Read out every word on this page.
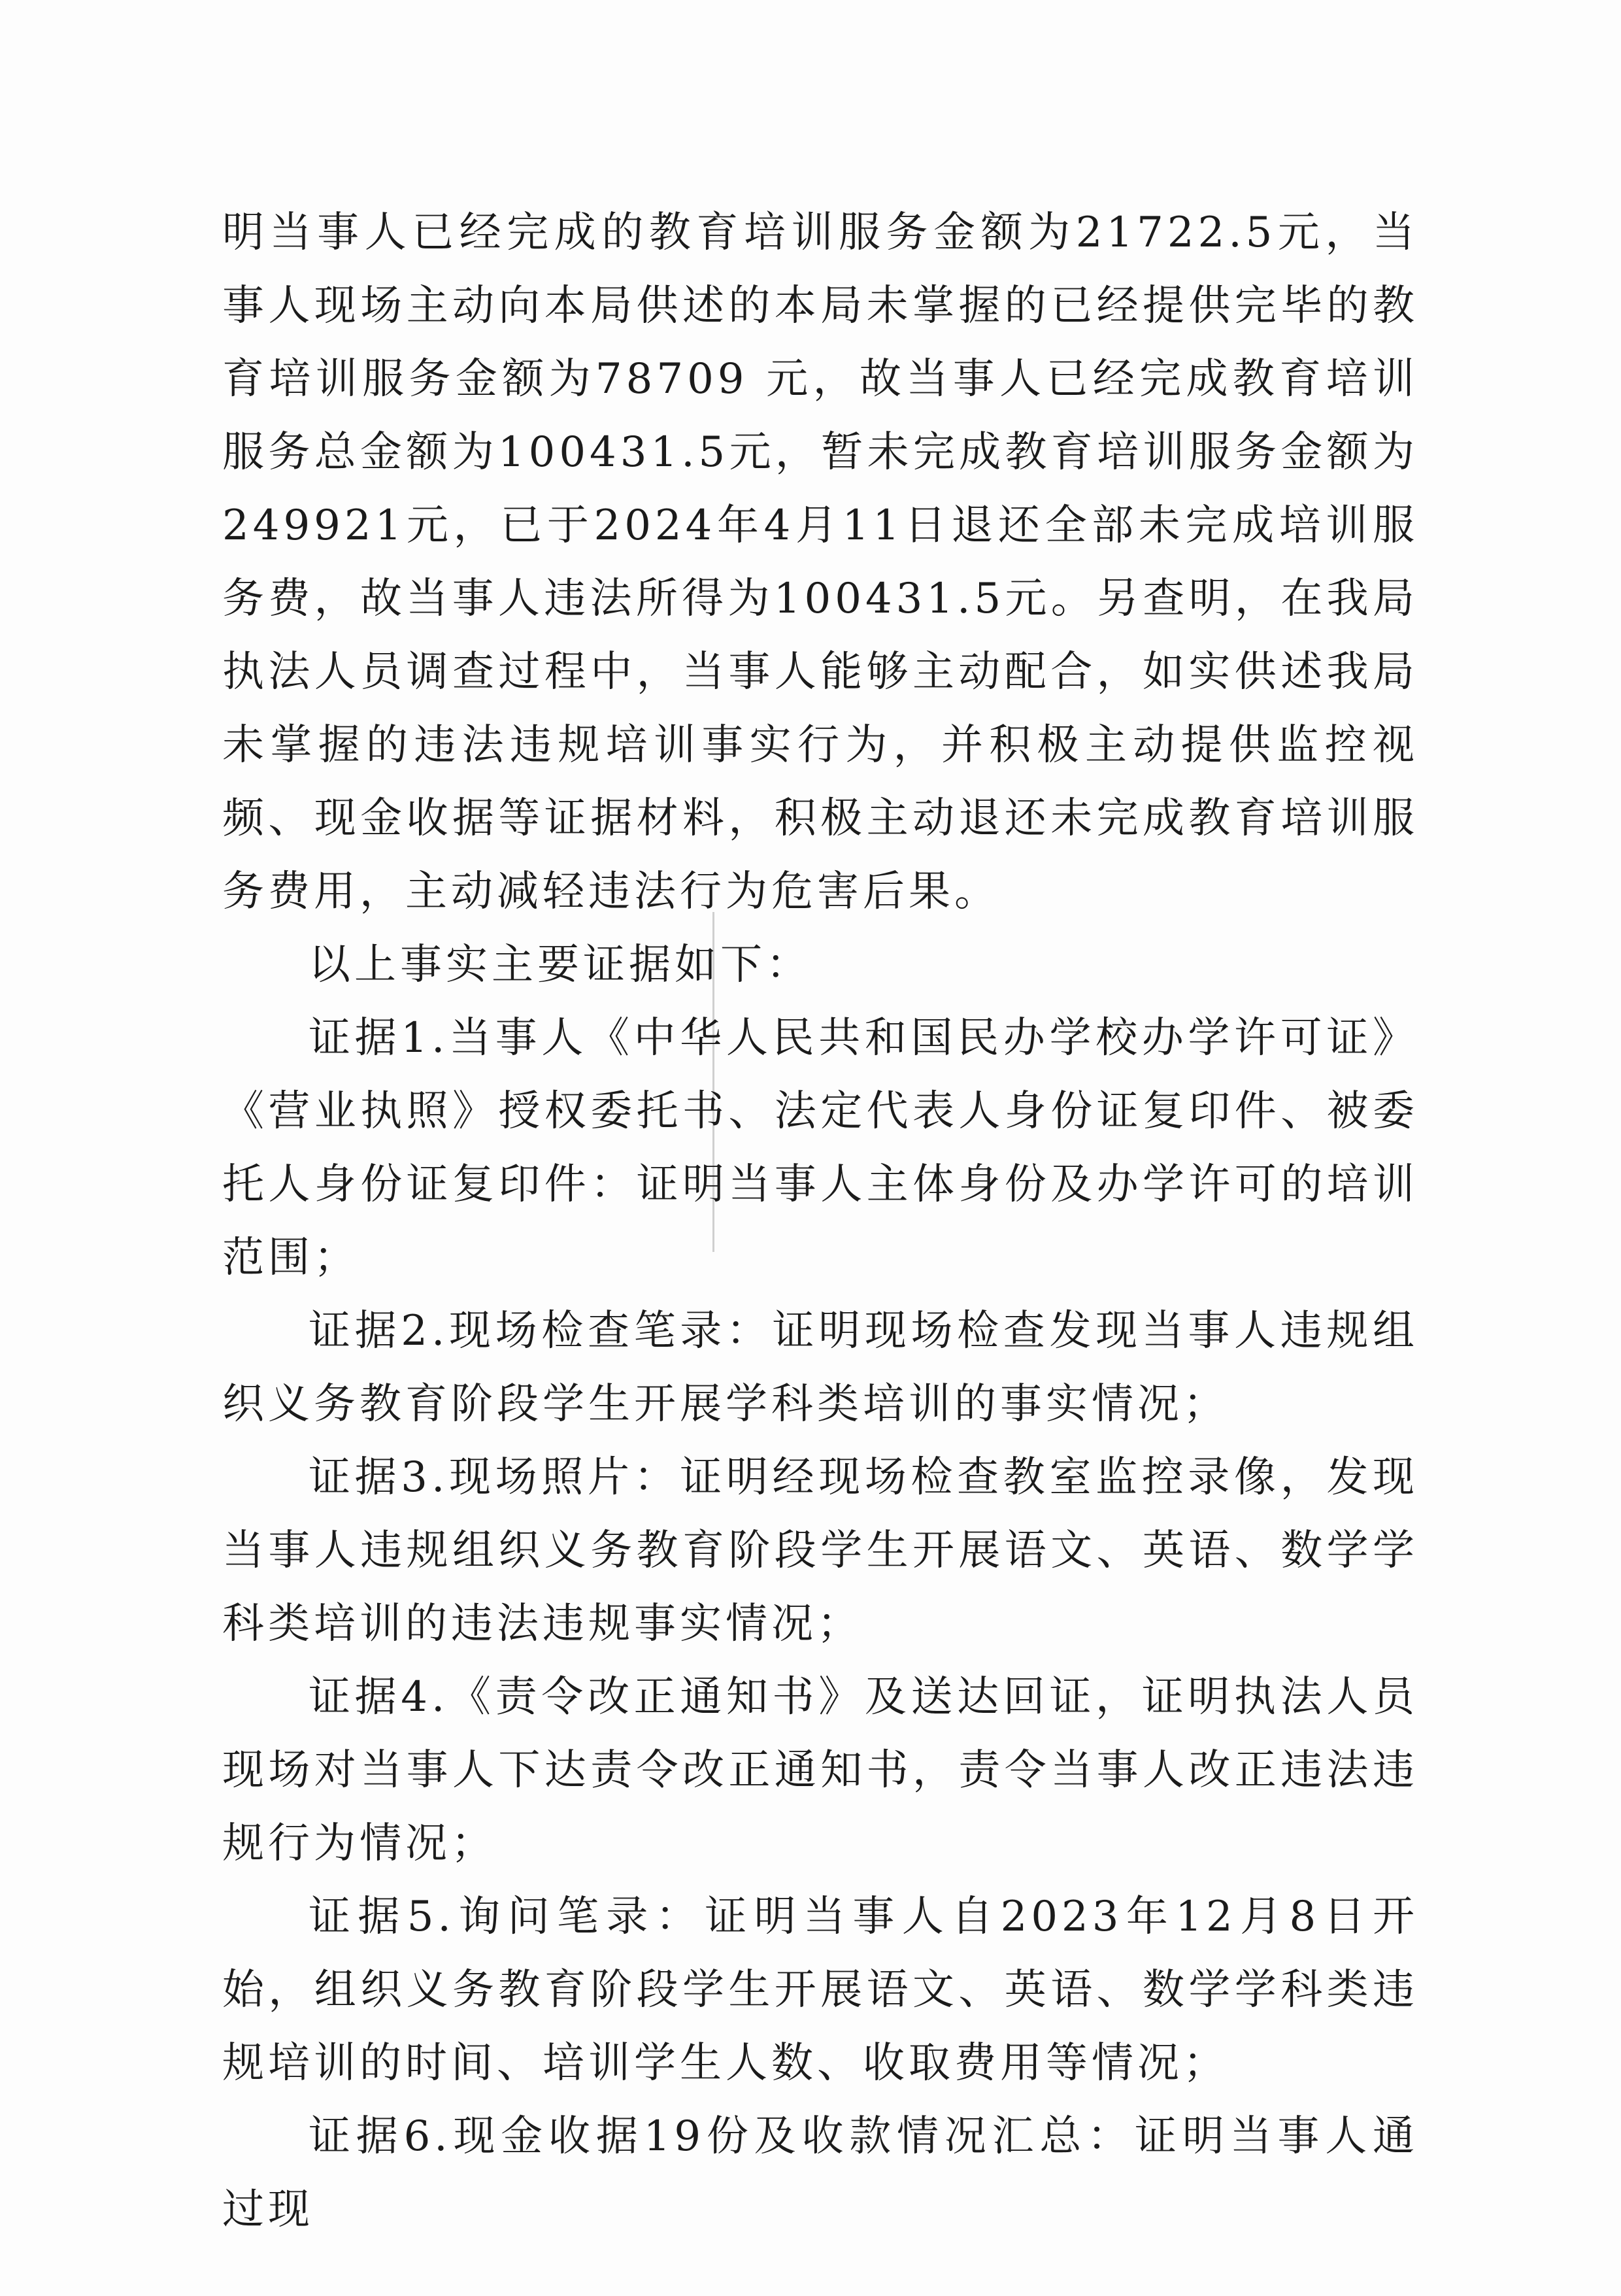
明当事人已经完成的教育培训服务金额为21722.5元，当事人现场主动向本局供述的本局未掌握的已经提供完毕的教育培训服务金额为78709 元，故当事人已经完成教育培训服务总金额为100431.5元，暂未完成教育培训服务金额为249921元，已于2024年4月11日退还全部未完成培训服务费，故当事人违法所得为100431.5元。另查明，在我局执法人员调查过程中，当事人能够主动配合，如实供述我局未掌握的违法违规培训事实行为，并积极主动提供监控视频、现金收据等证据材料，积极主动退还未完成教育培训服务费用，主动减轻违法行为危害后果。

以上事实主要证据如下：

证据1.当事人《中华人民共和国民办学校办学许可证》《营业执照》授权委托书、法定代表人身份证复印件、被委托人身份证复印件：证明当事人主体身份及办学许可的培训范围；

证据2.现场检查笔录：证明现场检查发现当事人违规组织义务教育阶段学生开展学科类培训的事实情况；

证据3.现场照片：证明经现场检查教室监控录像，发现当事人违规组织义务教育阶段学生开展语文、英语、数学学科类培训的违法违规事实情况；

证据4.《责令改正通知书》及送达回证，证明执法人员现场对当事人下达责令改正通知书，责令当事人改正违法违规行为情况；

证据5.询问笔录：证明当事人自2023年12月8日开始，组织义务教育阶段学生开展语文、英语、数学学科类违规培训的时间、培训学生人数、收取费用等情况；

证据6.现金收据19份及收款情况汇总：证明当事人通过现
